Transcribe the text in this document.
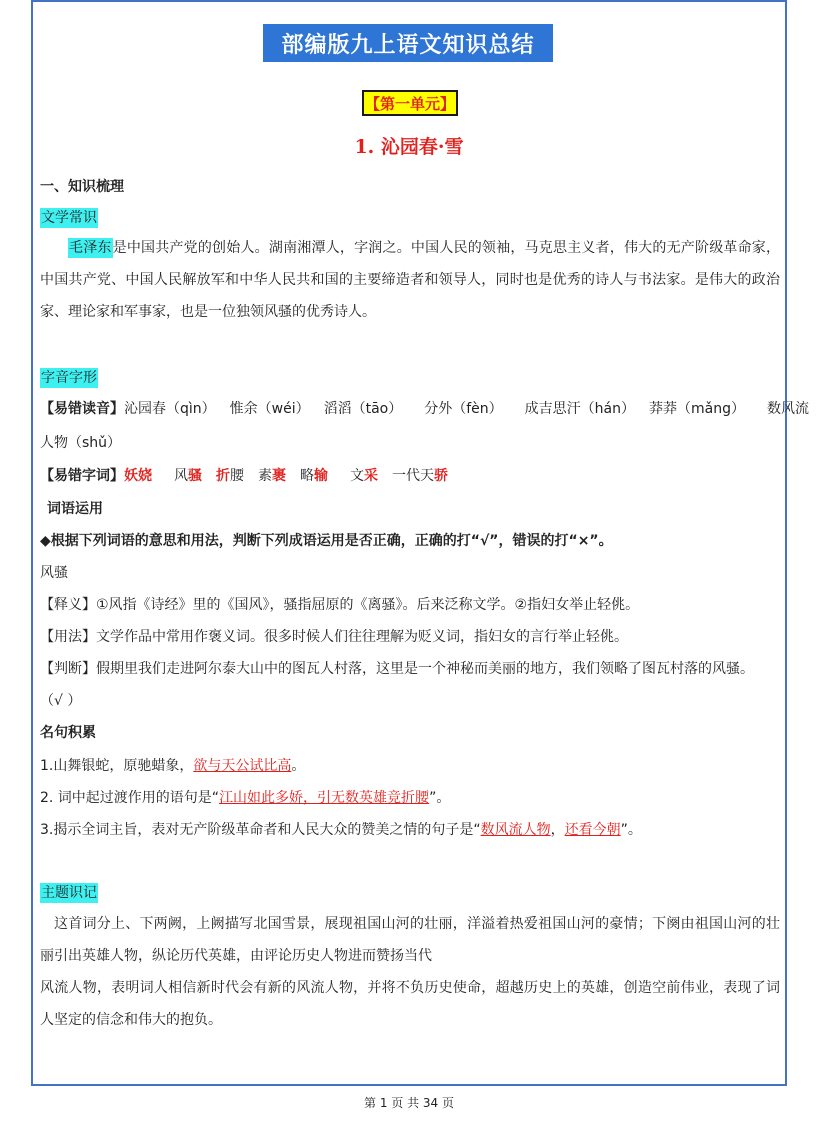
部编版九上语文知识总结
【第一单元】
1. 沁园春·雪
一、知识梳理
文学常识
毛泽东是中国共产党的创始人。湖南湘潭人，字润之。中国人民的领袖，马克思主义者，伟大的无产阶级革命家，中国共产党、中国人民解放军和中华人民共和国的主要缔造者和领导人，同时也是优秀的诗人与书法家。是伟大的政治家、理论家和军事家，也是一位独领风骚的优秀诗人。
字音字形
【易错读音】沁园春（qìn） 惟余（wéi） 滔滔（tāo） 分外（fèn） 成吉思汗（hán） 莽莽（mǎng） 数风流
人物（shǔ）
【易错字词】妖娆 风骚 折腰 素裹 略输 文采 一代天骄
词语运用
◆根据下列词语的意思和用法，判断下列成语运用是否正确，正确的打“√”，错误的打“×”。
风骚
【释义】①风指《诗经》里的《国风》，骚指屈原的《离骚》。后来泛称文学。②指妇女举止轻佻。
【用法】文学作品中常用作褒义词。很多时候人们往往理解为贬义词，指妇女的言行举止轻佻。
【判断】假期里我们走进阿尔泰大山中的图瓦人村落，这里是一个神秘而美丽的地方，我们领略了图瓦村落的风骚。
（√ ）
名句积累
1.山舞银蛇，原驰蜡象，欲与天公试比高。
2. 词中起过渡作用的语句是“江山如此多娇，引无数英雄竞折腰”。
3.揭示全词主旨，表对无产阶级革命者和人民大众的赞美之情的句子是“数风流人物，还看今朝”。
主题识记
这首词分上、下两阙，上阙描写北国雪景，展现祖国山河的壮丽，洋溢着热爱祖国山河的豪情；下阕由祖国山河的壮丽引出英雄人物，纵论历代英雄，由评论历史人物进而赞扬当代
风流人物，表明词人相信新时代会有新的风流人物，并将不负历史使命，超越历史上的英雄，创造空前伟业，表现了词人坚定的信念和伟大的抱负。
第 1 页 共 34 页
